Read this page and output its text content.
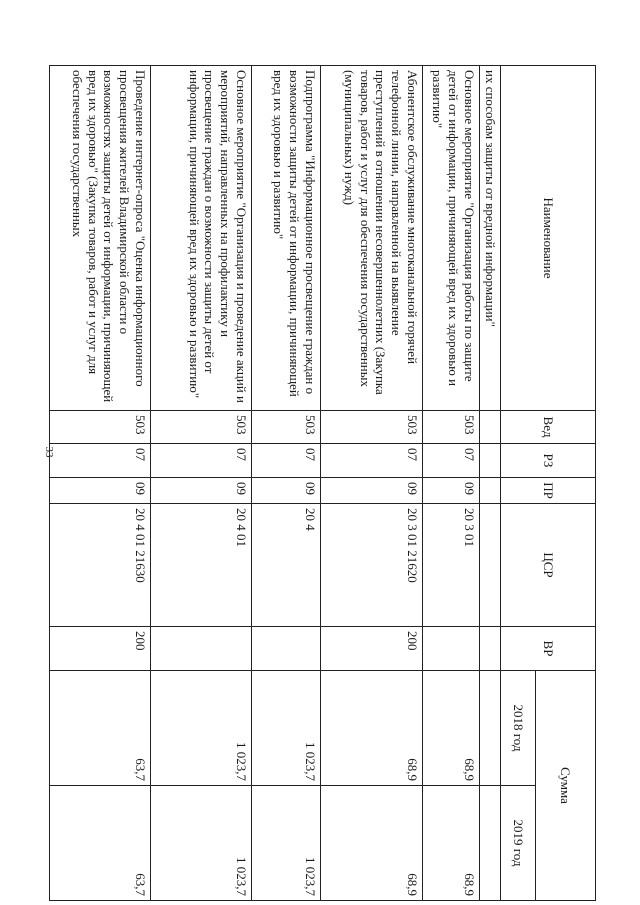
33
Наименование	Вед	РЗ	ПР	ЦСР	ВР	Сумма	
						2018 год	2019 год
их способам защиты от вредной информации"							
Основное мероприятие "Организация работы по защите детей от информации, причиняющей вред их здоровью и развитию"	503	07	09	20 3 01		68,9	68,9
Абонентское обслуживание многоканальной горячей телефонной линии, направленной на выявление преступлений в отношении несовершеннолетних (Закупка товаров, работ и услуг для обеспечения государственных (муниципальных) нужд)	503	07	09	20 3 01 21620	200	68,9	68,9
Подпрограмма "Информационное просвещение граждан о возможности защиты детей от информации, причиняющей вред их здоровью и развитию"	503	07	09	20 4		1 023,7	1 023,7
Основное мероприятие "Организация и проведение акций и мероприятий, направленных на профилактику и просвещение граждан о возможности защиты детей от информации, причиняющей вред их здоровью и развитию"	503	07	09	20 4 01		1 023,7	1 023,7
Проведение интернет-опроса "Оценка информационного просвещения жителей Владимирской области о возможностях защиты детей от информации, причиняющей вред их здоровью" (Закупка товаров, работ и услуг для обеспечения государственных	503	07	09	20 4 01 21630	200	63,7	63,7
